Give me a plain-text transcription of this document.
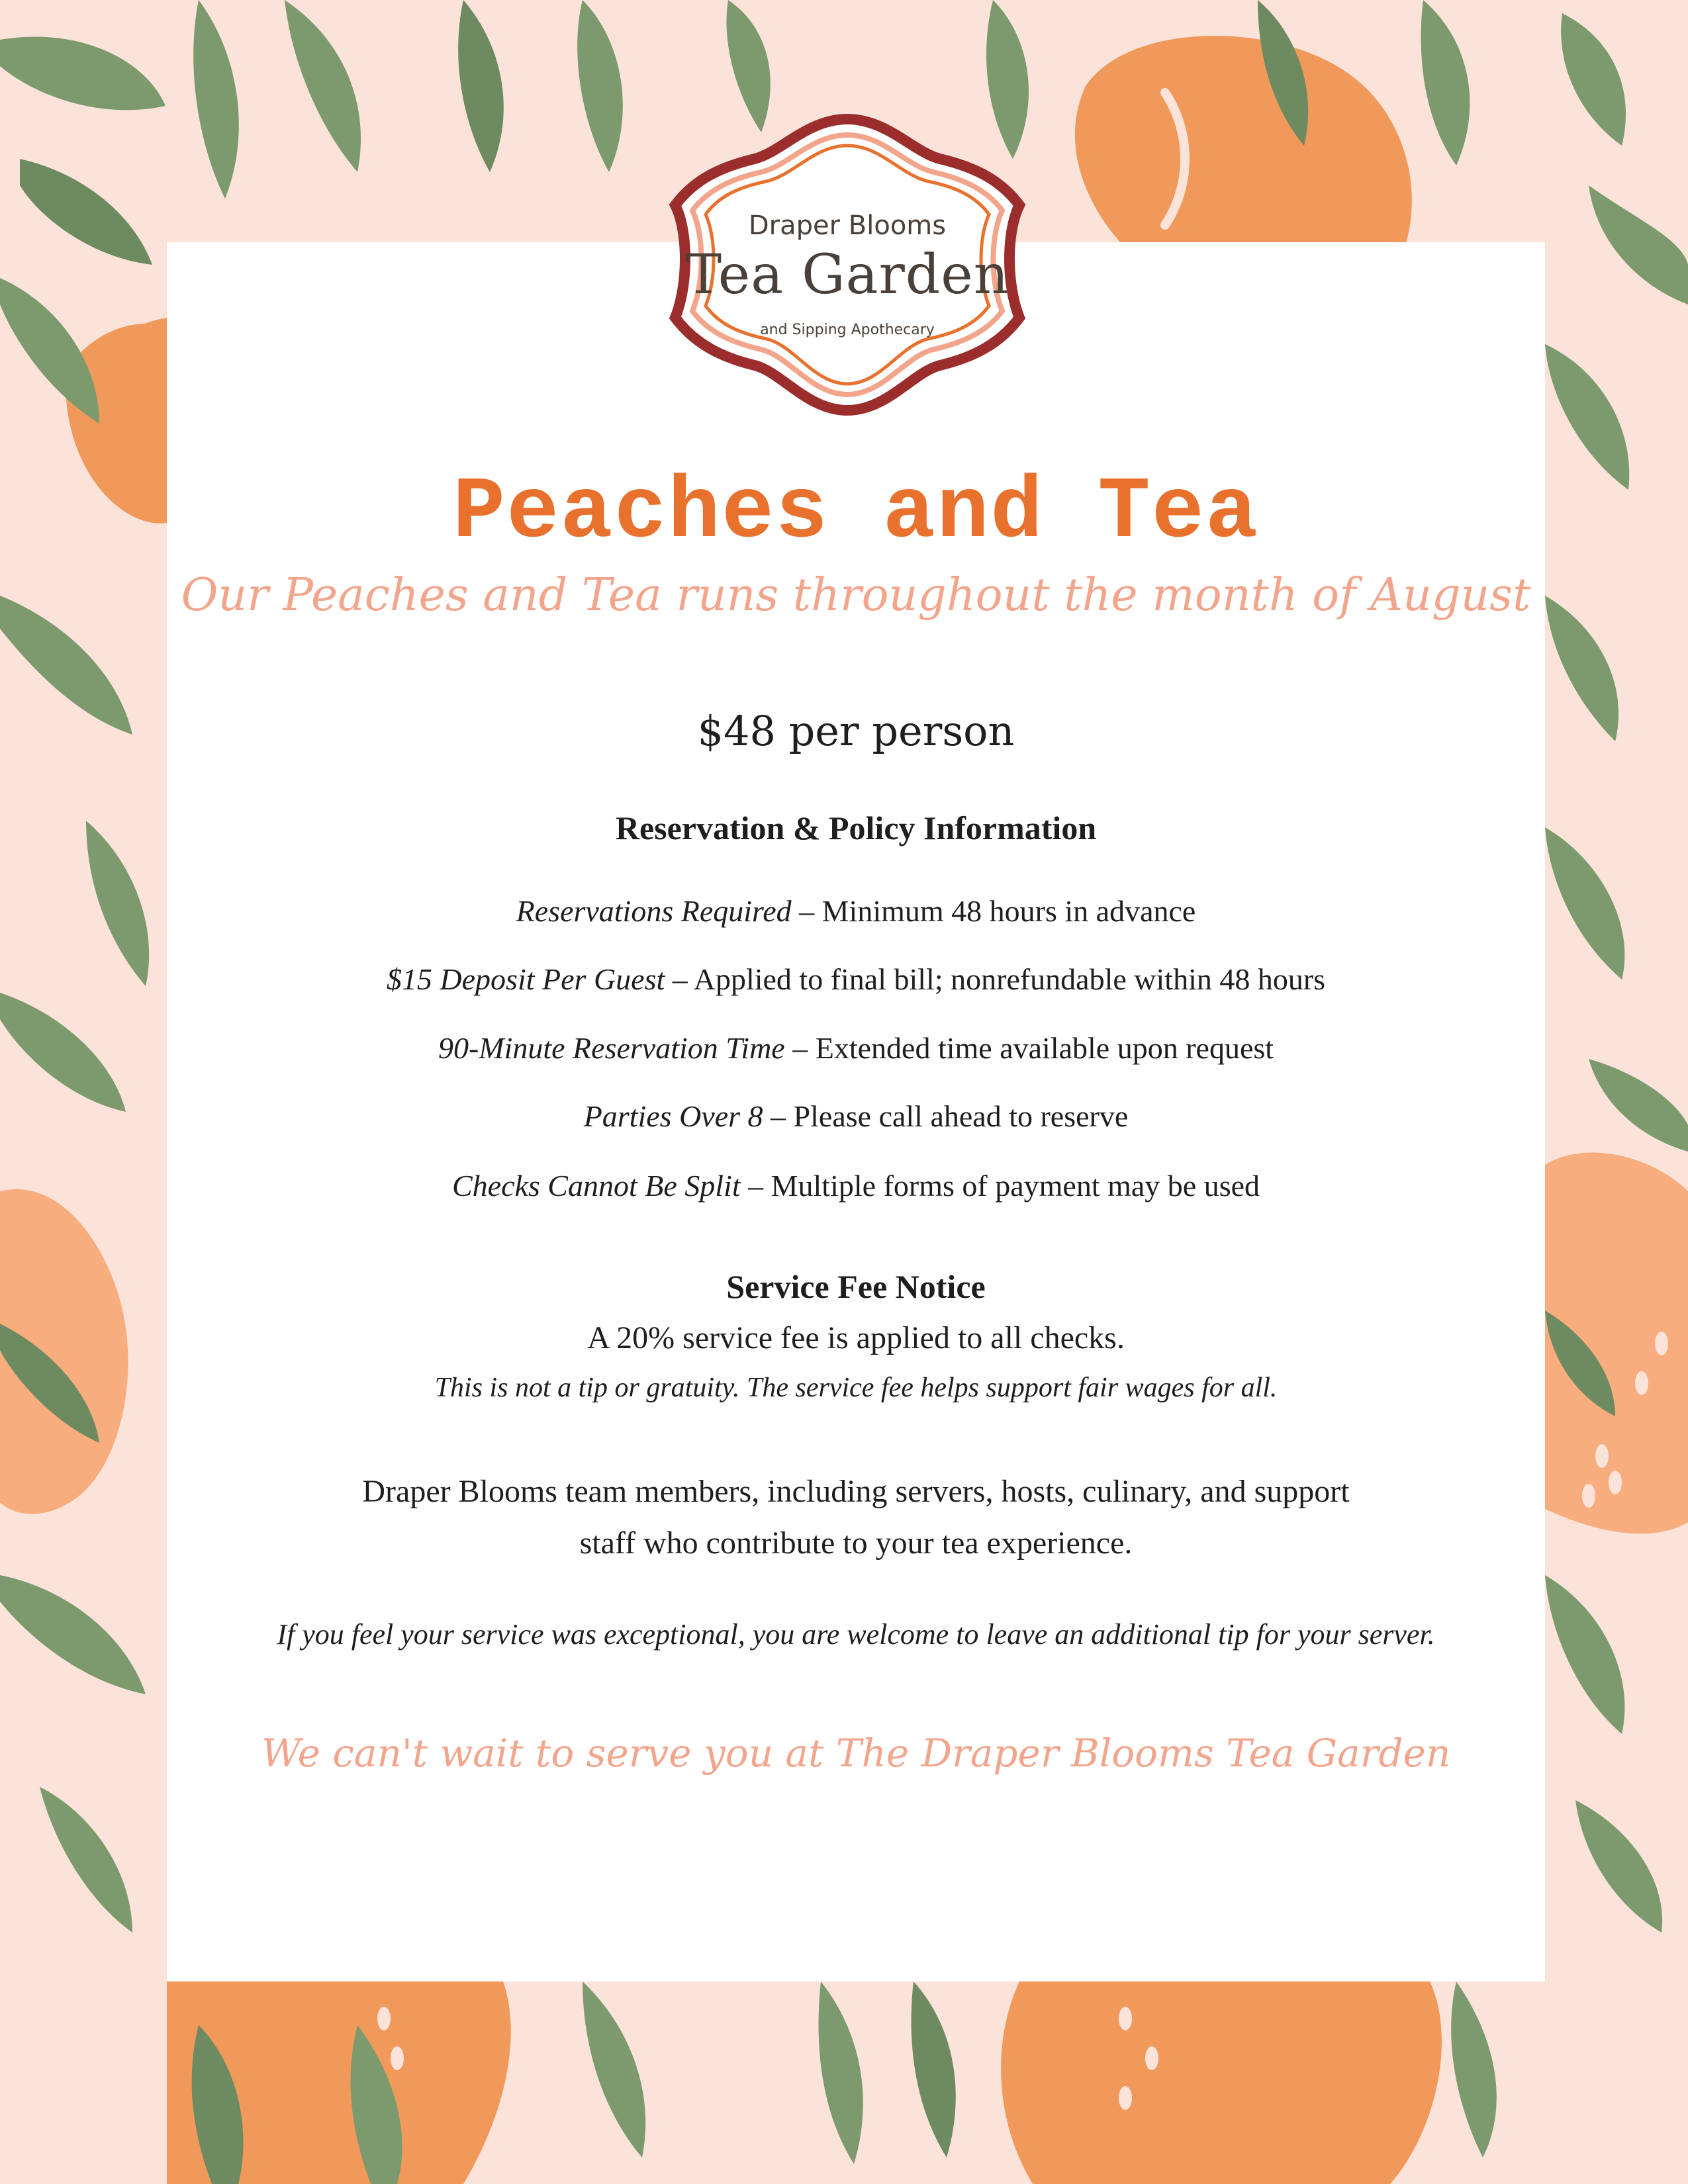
Draper Blooms
Tea Garden
and Sipping Apothecary
Peaches and Tea
Our Peaches and Tea runs throughout the month of August
$48 per person
Reservation & Policy Information
Reservations Required – Minimum 48 hours in advance
$15 Deposit Per Guest – Applied to final bill; nonrefundable within 48 hours
90-Minute Reservation Time – Extended time available upon request
Parties Over 8 – Please call ahead to reserve
Checks Cannot Be Split – Multiple forms of payment may be used
Service Fee Notice
A 20% service fee is applied to all checks.
This is not a tip or gratuity. The service fee helps support fair wages for all.
Draper Blooms team members, including servers, hosts, culinary, and support
staff who contribute to your tea experience.
If you feel your service was exceptional, you are welcome to leave an additional tip for your server.
We can't wait to serve you at The Draper Blooms Tea Garden
